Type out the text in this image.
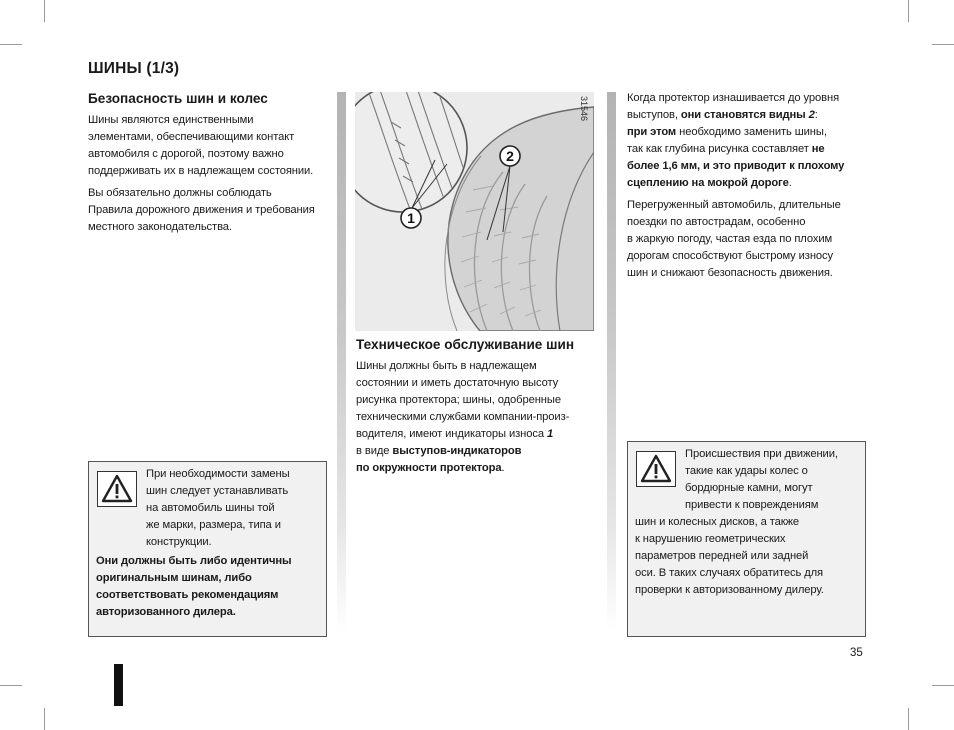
ШИНЫ (1/3)
Безопасность шин и колес

Шины являются единственными
элементами, обеспечивающими контакт
автомобиля с дорогой, поэтому важно
поддерживать их в надлежащем состоянии.

Вы обязательно должны соблюдать
Правила дорожного движения и требования
местного законодательства.

При необходимости замены
шин следует устанавливать
на автомобиль шины той
же марки, размера, типа и
конструкции.
Они должны быть либо идентичны
оригинальным шинам, либо
соответствовать рекомендациям
авторизованного дилера.
1
2
31546
Техническое обслуживание шин
Шины должны быть в надлежащем
состоянии и иметь достаточную высоту
рисунка протектора; шины, одобренные
техническими службами компании-произ-
водителя, имеют индикаторы износа 1
в виде выступов-индикаторов
по окружности протектора.

Когда протектор изнашивается до уровня
выступов, они становятся видны 2:
при этом необходимо заменить шины,
так как глубина рисунка составляет не
более 1,6 мм, и это приводит к плохому
сцеплению на мокрой дороге.

Перегруженный автомобиль, длительные
поездки по автострадам, особенно
в жаркую погоду, частая езда по плохим
дорогам способствуют быстрому износу
шин и снижают безопасность движения.

Происшествия при движении,
такие как удары колес о
бордюрные камни, могут
привести к повреждениям
шин и колесных дисков, а также
к нарушению геометрических
параметров передней или задней
оси. В таких случаях обратитесь для
проверки к авторизованному дилеру.
35
